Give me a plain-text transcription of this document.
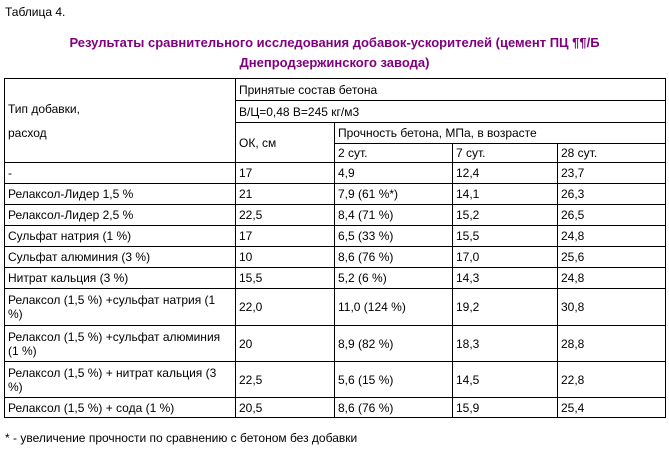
Таблица 4.
Результаты сравнительного исследования добавок-ускорителей (цемент ПЦ ¶¶/Б
Днепродзержинского завода)
Тип добавки,
расход	Принятые состав бетона			
	В/Ц=0,48 В=245 кг/м3			
	ОК, см	Прочность бетона, МПа, в возрасте		
		2 сут.	7 сут.	28 сут.
-	17	4,9	12,4	23,7
Релаксол-Лидер 1,5 %	21	7,9 (61 %*)	14,1	26,3
Релаксол-Лидер 2,5 %	22,5	8,4 (71 %)	15,2	26,5
Сульфат натрия (1 %)	17	6,5 (33 %)	15,5	24,8
Сульфат алюминия (3 %)	10	8,6 (76 %)	17,0	25,6
Нитрат кальция (3 %)	15,5	5,2 (6 %)	14,3	24,8
Релаксол (1,5 %) +сульфат натрия (1 %)	22,0	11,0 (124 %)	19,2	30,8
Релаксол (1,5 %) +сульфат алюминия (1 %)	20	8,9 (82 %)	18,3	28,8
Релаксол (1,5 %) + нитрат кальция (3 %)	22,5	5,6 (15 %)	14,5	22,8
Релаксол (1,5 %) + сода (1 %)	20,5	8,6 (76 %)	15,9	25,4
* - увеличение прочности по сравнению с бетоном без добавки
